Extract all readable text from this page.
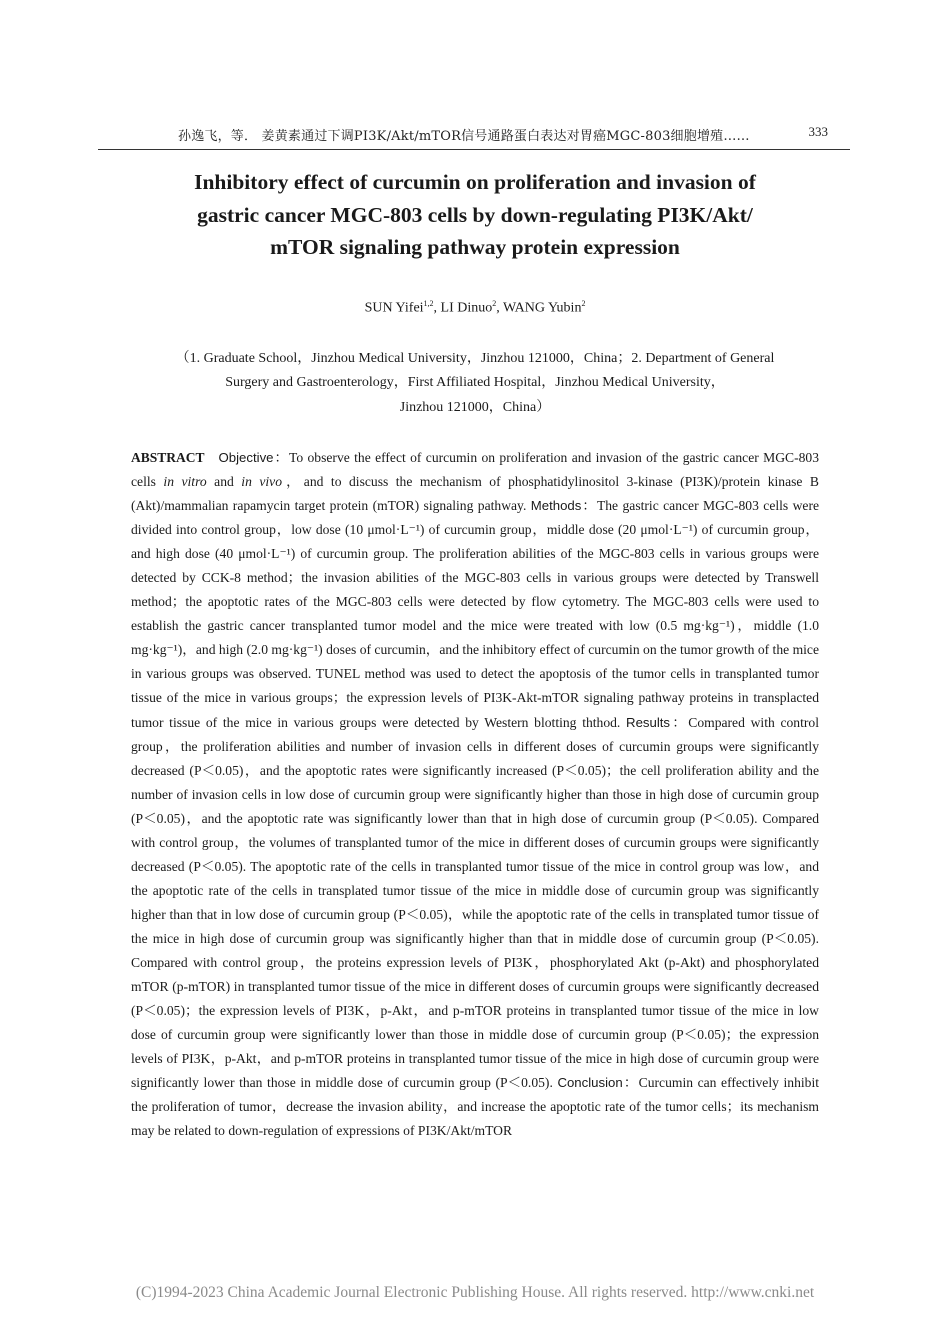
孙逸飞，等． 姜黄素通过下调PI3K/Akt/mTOR信号通路蛋白表达对胃癌MGC-803细胞增殖……	333
Inhibitory effect of curcumin on proliferation and invasion of
gastric cancer MGC-803 cells by down-regulating PI3K/Akt/
mTOR signaling pathway protein expression
SUN Yifei$^{1,2}$, LI Dinuo$^2$, WANG Yubin$^2$
（1. Graduate School，Jinzhou Medical University，Jinzhou 121000，China；2. Department of General
Surgery and Gastroenterology，First Affiliated Hospital，Jinzhou Medical University，
Jinzhou 121000，China）

ABSTRACT Objective：To observe the effect of curcumin on proliferation and invasion of the gastric cancer MGC-803 cells in vitro and in vivo，and to discuss the mechanism of phosphatidylinositol 3-kinase (PI3K)/protein kinase B (Akt)/mammalian rapamycin target protein (mTOR) signaling pathway. Methods：The gastric cancer MGC-803 cells were divided into control group，low dose (10 μmol·L⁻¹) of curcumin group，middle dose (20 μmol·L⁻¹) of curcumin group，and high dose (40 μmol·L⁻¹) of curcumin group. The proliferation abilities of the MGC-803 cells in various groups were detected by CCK-8 method；the invasion abilities of the MGC-803 cells in various groups were detected by Transwell method；the apoptotic rates of the MGC-803 cells were detected by flow cytometry. The MGC-803 cells were used to establish the gastric cancer transplanted tumor model and the mice were treated with low (0.5 mg·kg⁻¹)，middle (1.0 mg·kg⁻¹)，and high (2.0 mg·kg⁻¹) doses of curcumin，and the inhibitory effect of curcumin on the tumor growth of the mice in various groups was observed. TUNEL method was used to detect the apoptosis of the tumor cells in transplanted tumor tissue of the mice in various groups；the expression levels of PI3K-Akt-mTOR signaling pathway proteins in transplacted tumor tissue of the mice in various groups were detected by Western blotting ththod. Results：Compared with control group，the proliferation abilities and number of invasion cells in different doses of curcumin groups were significantly decreased (P＜0.05)，and the apoptotic rates were significantly increased (P＜0.05)；the cell proliferation ability and the number of invasion cells in low dose of curcumin group were significantly higher than those in high dose of curcumin group (P＜0.05)，and the apoptotic rate was significantly lower than that in high dose of curcumin group (P＜0.05). Compared with control group，the volumes of transplanted tumor of the mice in different doses of curcumin groups were significantly decreased (P＜0.05). The apoptotic rate of the cells in transplanted tumor tissue of the mice in control group was low，and the apoptotic rate of the cells in transplated tumor tissue of the mice in middle dose of curcumin group was significantly higher than that in low dose of curcumin group (P＜0.05)，while the apoptotic rate of the cells in transplated tumor tissue of the mice in high dose of curcumin group was significantly higher than that in middle dose of curcumin group (P＜0.05). Compared with control group，the proteins expression levels of PI3K，phosphorylated Akt (p-Akt) and phosphorylated mTOR (p-mTOR) in transplanted tumor tissue of the mice in different doses of curcumin groups were significantly decreased (P＜0.05)；the expression levels of PI3K，p-Akt，and p-mTOR proteins in transplanted tumor tissue of the mice in low dose of curcumin group were significantly lower than those in middle dose of curcumin group (P＜0.05)；the expression levels of PI3K，p-Akt，and p-mTOR proteins in transplanted tumor tissue of the mice in high dose of curcumin group were significantly lower than those in middle dose of curcumin group (P＜0.05). Conclusion：Curcumin can effectively inhibit the proliferation of tumor，decrease the invasion ability，and increase the apoptotic rate of the tumor cells；its mechanism may be related to down-regulation of expressions of PI3K/Akt/mTOR

(C)1994-2023 China Academic Journal Electronic Publishing House. All rights reserved. http://www.cnki.net
